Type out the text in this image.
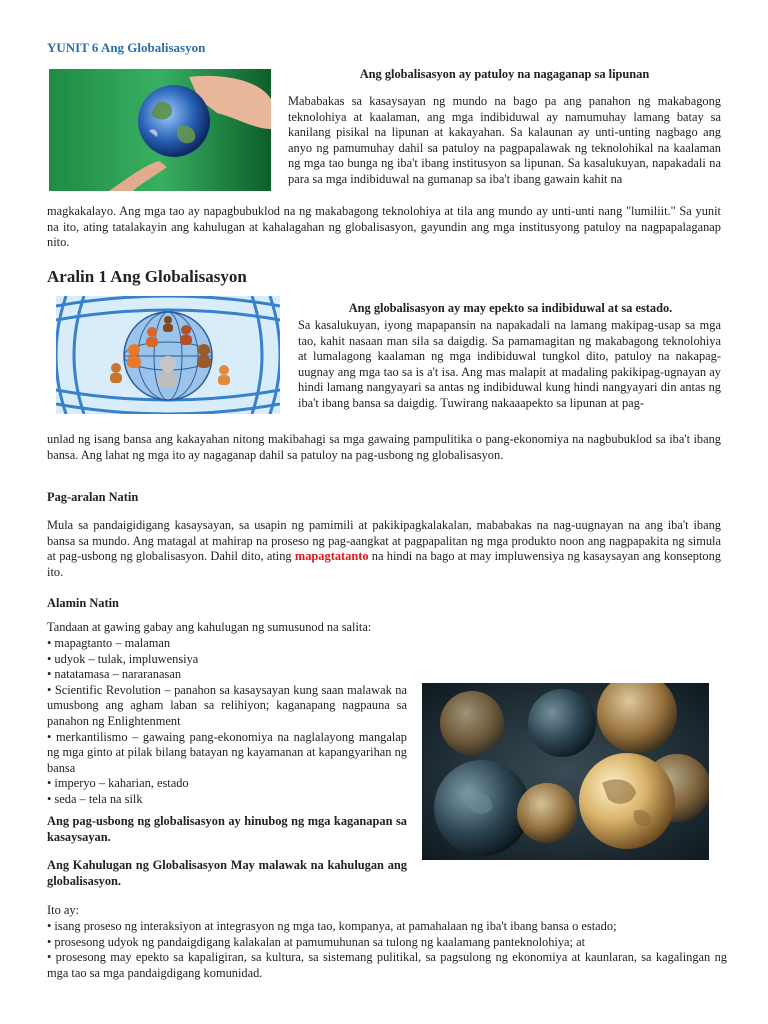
YUNIT 6 Ang Globalisasyon

Ang globalisasyon ay patuloy na nagaganap sa lipunan

Mababakas sa kasaysayan ng mundo na bago pa ang panahon ng makabagong teknolohiya at kaalaman, ang mga indibiduwal ay namumuhay lamang batay sa kanilang pisikal na lipunan at kakayahan. Sa kalaunan ay unti-unting nagbago ang anyo ng pamumuhay dahil sa patuloy na pagpapalawak ng teknolohikal na kaalaman ng mga tao bunga ng iba't ibang institusyon sa lipunan. Sa kasalukuyan, napakadali na para sa mga indibiduwal na gumanap sa iba't ibang gawain kahit na

magkakalayo. Ang mga tao ay napagbubuklod na ng makabagong teknolohiya at tila ang mundo ay unti-unti nang "lumiliit." Sa yunit na ito, ating tatalakayin ang kahulugan at kahalagahan ng globalisasyon, gayundin ang mga institusyong patuloy na nagpapalaganap nito.

Aralin 1 Ang Globalisasyon

Ang globalisasyon ay may epekto sa indibiduwal at sa estado.

Sa kasalukuyan, iyong mapapansin na napakadali na lamang makipag-usap sa mga tao, kahit nasaan man sila sa daigdig. Sa pamamagitan ng makabagong teknolohiya at lumalagong kaalaman ng mga indibiduwal tungkol dito, patuloy na nakapag-uugnay ang mga tao sa is a't isa. Ang mas malapit at madaling pakikipag-ugnayan ay hindi lamang nangyayari sa antas ng indibiduwal kung hindi nangyayari din antas ng iba't ibang bansa sa daigdig. Tuwirang nakaaapekto sa lipunan at pag-

unlad ng isang bansa ang kakayahan nitong makibahagi sa mga gawaing pampulitika o pang-ekonomiya na nagbubuklod sa iba't ibang bansa. Ang lahat ng mga ito ay nagaganap dahil sa patuloy na pag-usbong ng globalisasyon.

Pag-aralan Natin

Mula sa pandaigidigang kasaysayan, sa usapin ng pamimili at pakikipagkalakalan, mababakas na nag-uugnayan na ang iba't ibang bansa sa mundo. Ang matagal at mahirap na proseso ng pag-aangkat at pagpapalitan ng mga produkto noon ang nagpapakita ng simula at pag-usbong ng globalisasyon. Dahil dito, ating mapagtatanto na hindi na bago at may impluwensiya ng kasaysayan ang konseptong ito.

Alamin Natin

Tandaan at gawing gabay ang kahulugan ng sumusunod na salita:

• mapagtanto – malaman
• udyok – tulak, impluwensiya
• natatamasa – nararanasan
• Scientific Revolution – panahon sa kasaysayan kung saan malawak na umusbong ang agham laban sa relihiyon; kaganapang nagpauna sa panahon ng Enlightenment
• merkantilismo – gawaing pang-ekonomiya na naglalayong mangalap ng mga ginto at pilak bilang batayan ng kayamanan at kapangyarihan ng bansa
• imperyo – kaharian, estado
• seda – tela na silk

Ang pag-usbong ng globalisasyon ay hinubog ng mga kaganapan sa kasaysayan.

Ang Kahulugan ng Globalisasyon May malawak na kahulugan ang globalisasyon.

Ito ay:
• isang proseso ng interaksiyon at integrasyon ng mga tao, kompanya, at pamahalaan ng iba't ibang bansa o estado;
• prosesong udyok ng pandaigdigang kalakalan at pamumuhunan sa tulong ng kaalamang panteknolohiya; at
• prosesong may epekto sa kapaligiran, sa kultura, sa sistemang pulitikal, sa pagsulong ng ekonomiya at kaunlaran, sa kagalingan ng mga tao sa mga pandaigdigang komunidad.
